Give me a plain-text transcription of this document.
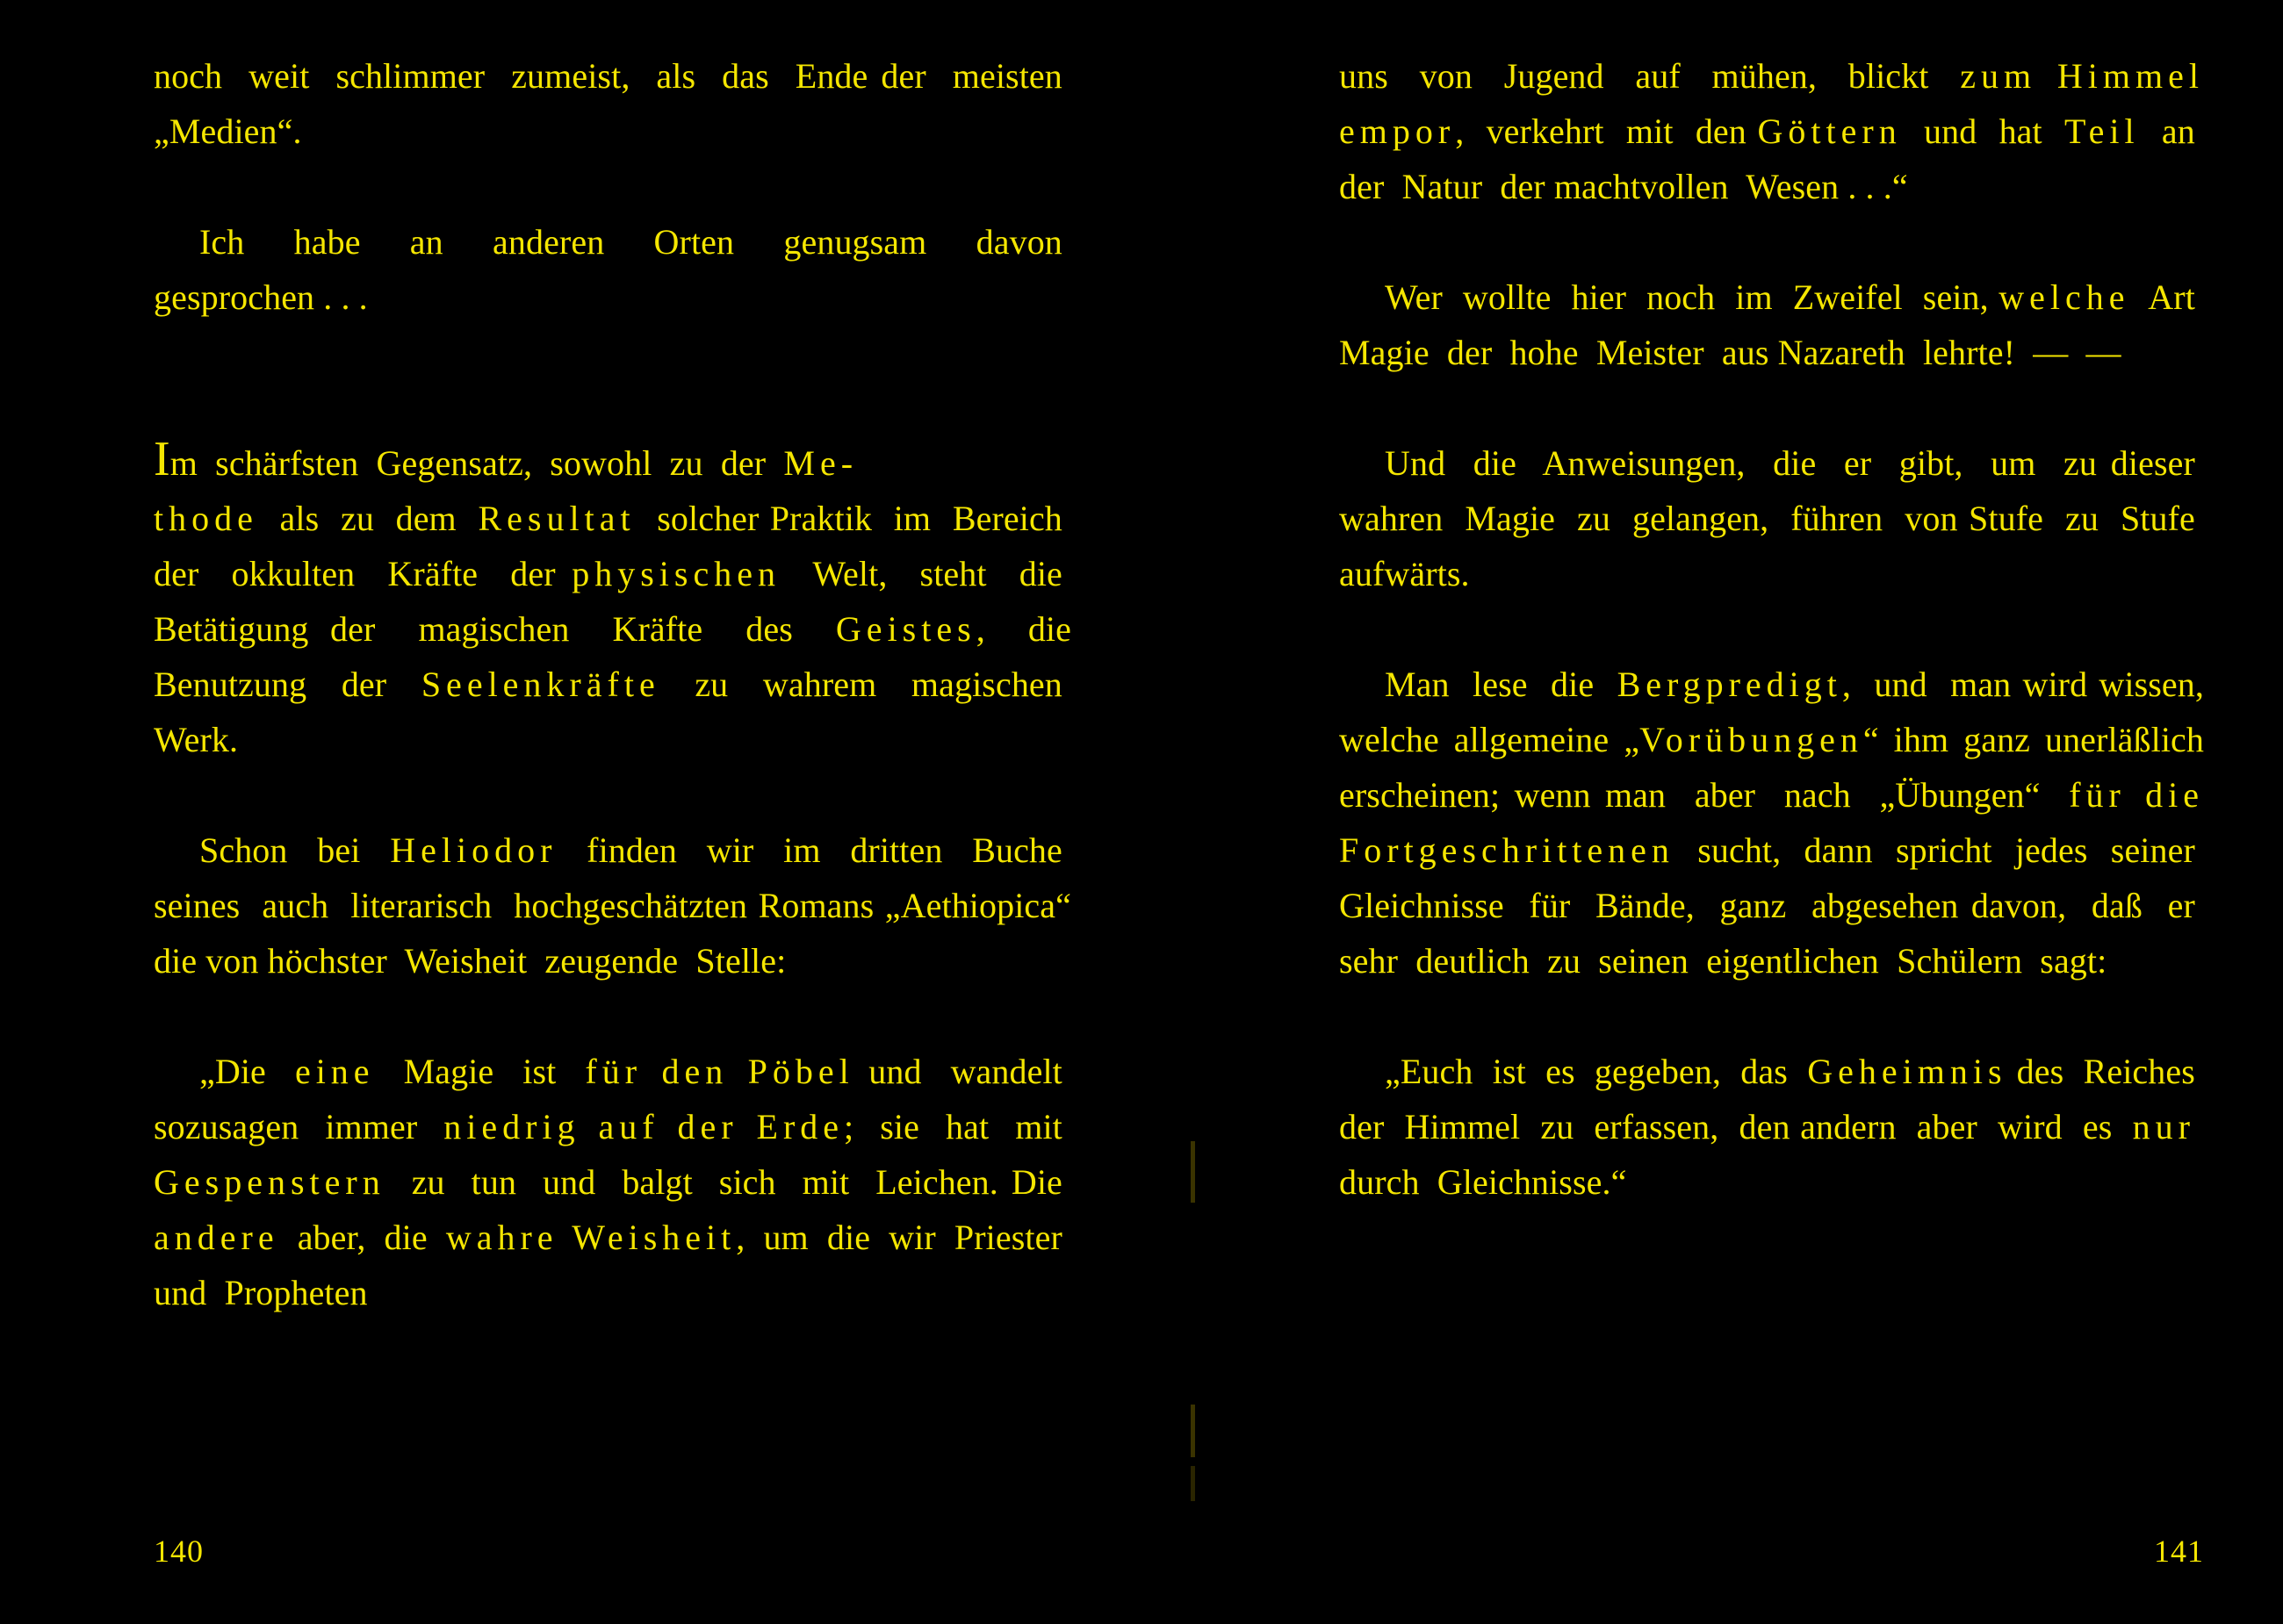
noch  weit  schlimmer  zumeist,  als  das  Ende der  meisten  „Medien“.

Ich  habe  an  anderen  Orten  genugsam  davon  gesprochen . . .

Im  schärfsten  Gegensatz,  sowohl  zu  der  Me-
thode  als  zu  dem  Resultat  solcher Praktik  im  Bereich  der  okkulten  Kräfte  der physischen  Welt,  steht  die  Betätigung der  magischen  Kräfte  des  Geistes,  die Benutzung  der  Seelenkräfte  zu  wahrem  magischen  Werk.

Schon  bei  Heliodor  finden  wir  im  dritten  Buche  seines  auch  literarisch  hochgeschätzten Romans „Aethiopica“ die von höchster  Weisheit  zeugende  Stelle:

„Die  eine  Magie  ist  für den Pöbel und  wandelt  sozusagen  immer  niedrig auf der Erde;  sie  hat  mit  Gespenstern  zu  tun  und  balgt  sich  mit  Leichen. Die  andere  aber,  die  wahre Weisheit,  um  die  wir  Priester  und  Propheten

140

uns  von  Jugend  auf  mühen,  blickt  zum Himmel empor,  verkehrt  mit  den Göttern  und  hat  Teil  an  der  Natur  der machtvollen  Wesen . . .“

Wer  wollte  hier  noch  im  Zweifel  sein, welche  Art  Magie  der  hohe  Meister  aus Nazareth  lehrte!  —  —

Und  die  Anweisungen,  die  er  gibt,  um  zu dieser  wahren  Magie  zu  gelangen,  führen  von Stufe  zu  Stufe  aufwärts.

Man  lese  die  Bergpredigt,  und  man wird wissen, welche allgemeine „Vorübungen“ ihm ganz unerläßlich erscheinen; wenn man  aber  nach  „Übungen“  für die Fortgeschrittenen sucht, dann spricht jedes seiner  Gleichnisse  für  Bände,  ganz  abgesehen davon,  daß  er  sehr  deutlich  zu  seinen  eigentlichen  Schülern  sagt:

„Euch  ist  es  gegeben,  das  Geheimnis des  Reiches  der  Himmel  zu  erfassen,  den andern  aber  wird  es  nur  durch  Gleichnisse.“

141
